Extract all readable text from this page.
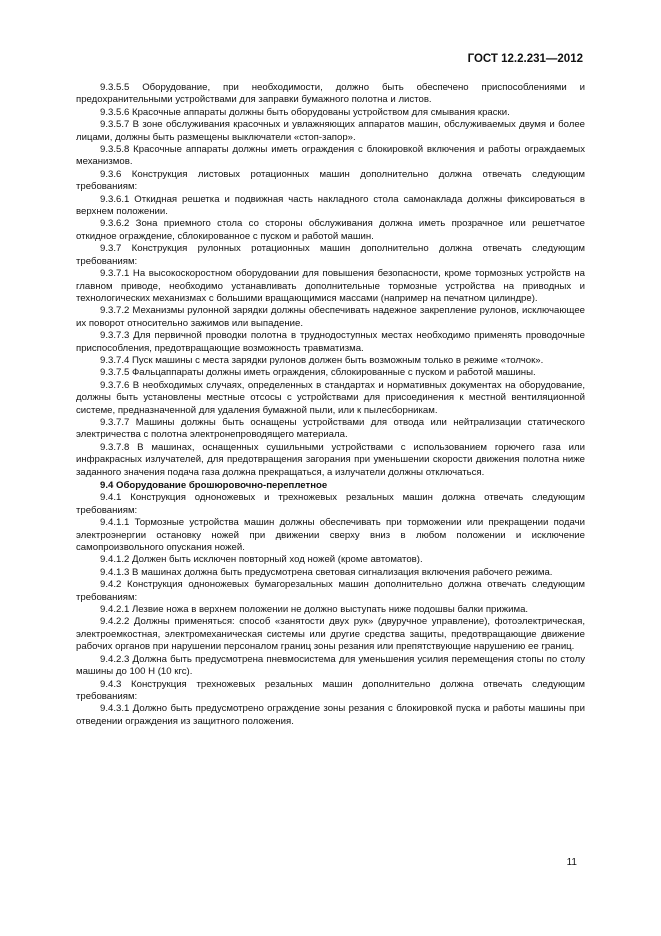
ГОСТ 12.2.231—2012

9.3.5.5 Оборудование, при необходимости, должно быть обеспечено приспособлениями и предохранительными устройствами для заправки бумажного полотна и листов.

9.3.5.6 Красочные аппараты должны быть оборудованы устройством для смывания краски.

9.3.5.7 В зоне обслуживания красочных и увлажняющих аппаратов машин, обслуживаемых двумя и более лицами, должны быть размещены выключатели «стоп-запор».

9.3.5.8 Красочные аппараты должны иметь ограждения с блокировкой включения и работы ограждаемых механизмов.

9.3.6 Конструкция листовых ротационных машин дополнительно должна отвечать следующим требованиям:

9.3.6.1 Откидная решетка и подвижная часть накладного стола самонаклада должны фиксироваться в верхнем положении.

9.3.6.2 Зона приемного стола со стороны обслуживания должна иметь прозрачное или решетчатое откидное ограждение, сблокированное с пуском и работой машин.

9.3.7 Конструкция рулонных ротационных машин дополнительно должна отвечать следующим требованиям:

9.3.7.1 На высокоскоростном оборудовании для повышения безопасности, кроме тормозных устройств на главном приводе, необходимо устанавливать дополнительные тормозные устройства на приводных и технологических механизмах с большими вращающимися массами (например на печатном цилиндре).

9.3.7.2 Механизмы рулонной зарядки должны обеспечивать надежное закрепление рулонов, исключающее их поворот относительно зажимов или выпадение.

9.3.7.3 Для первичной проводки полотна в труднодоступных местах необходимо применять проводочные приспособления, предотвращающие возможность травматизма.

9.3.7.4 Пуск машины с места зарядки рулонов должен быть возможным только в режиме «толчок».

9.3.7.5 Фальцаппараты должны иметь ограждения, сблокированные с пуском и работой машины.

9.3.7.6 В необходимых случаях, определенных в стандартах и нормативных документах на оборудование, должны быть установлены местные отсосы с устройствами для присоединения к местной вентиляционной системе, предназначенной для удаления бумажной пыли, или к пылесборникам.

9.3.7.7 Машины должны быть оснащены устройствами для отвода или нейтрализации статического электричества с полотна электронепроводящего материала.

9.3.7.8 В машинах, оснащенных сушильными устройствами с использованием горючего газа или инфракрасных излучателей, для предотвращения загорания при уменьшении скорости движения полотна ниже заданного значения подача газа должна прекращаться, а излучатели должны отключаться.

9.4 Оборудование брошюровочно-переплетное

9.4.1 Конструкция одноножевых и трехножевых резальных машин должна отвечать следующим требованиям:

9.4.1.1 Тормозные устройства машин должны обеспечивать при торможении или прекращении подачи электроэнергии остановку ножей при движении сверху вниз в любом положении и исключение самопроизвольного опускания ножей.

9.4.1.2 Должен быть исключен повторный ход ножей (кроме автоматов).

9.4.1.3 В машинах должна быть предусмотрена световая сигнализация включения рабочего режима.

9.4.2 Конструкция одноножевых бумагорезальных машин дополнительно должна отвечать следующим требованиям:

9.4.2.1 Лезвие ножа в верхнем положении не должно выступать ниже подошвы балки прижима.

9.4.2.2 Должны применяться: способ «занятости двух рук» (двуручное управление), фотоэлектрическая, электроемкостная, электромеханическая системы или другие средства защиты, предотвращающие движение рабочих органов при нарушении персоналом границ зоны резания или препятствующие нарушению ее границ.

9.4.2.3 Должна быть предусмотрена пневмосистема для уменьшения усилия перемещения стопы по столу машины до 100 Н (10 кгс).

9.4.3 Конструкция трехножевых резальных машин дополнительно должна отвечать следующим требованиям:

9.4.3.1 Должно быть предусмотрено ограждение зоны резания с блокировкой пуска и работы машины при отведении ограждения из защитного положения.

11
